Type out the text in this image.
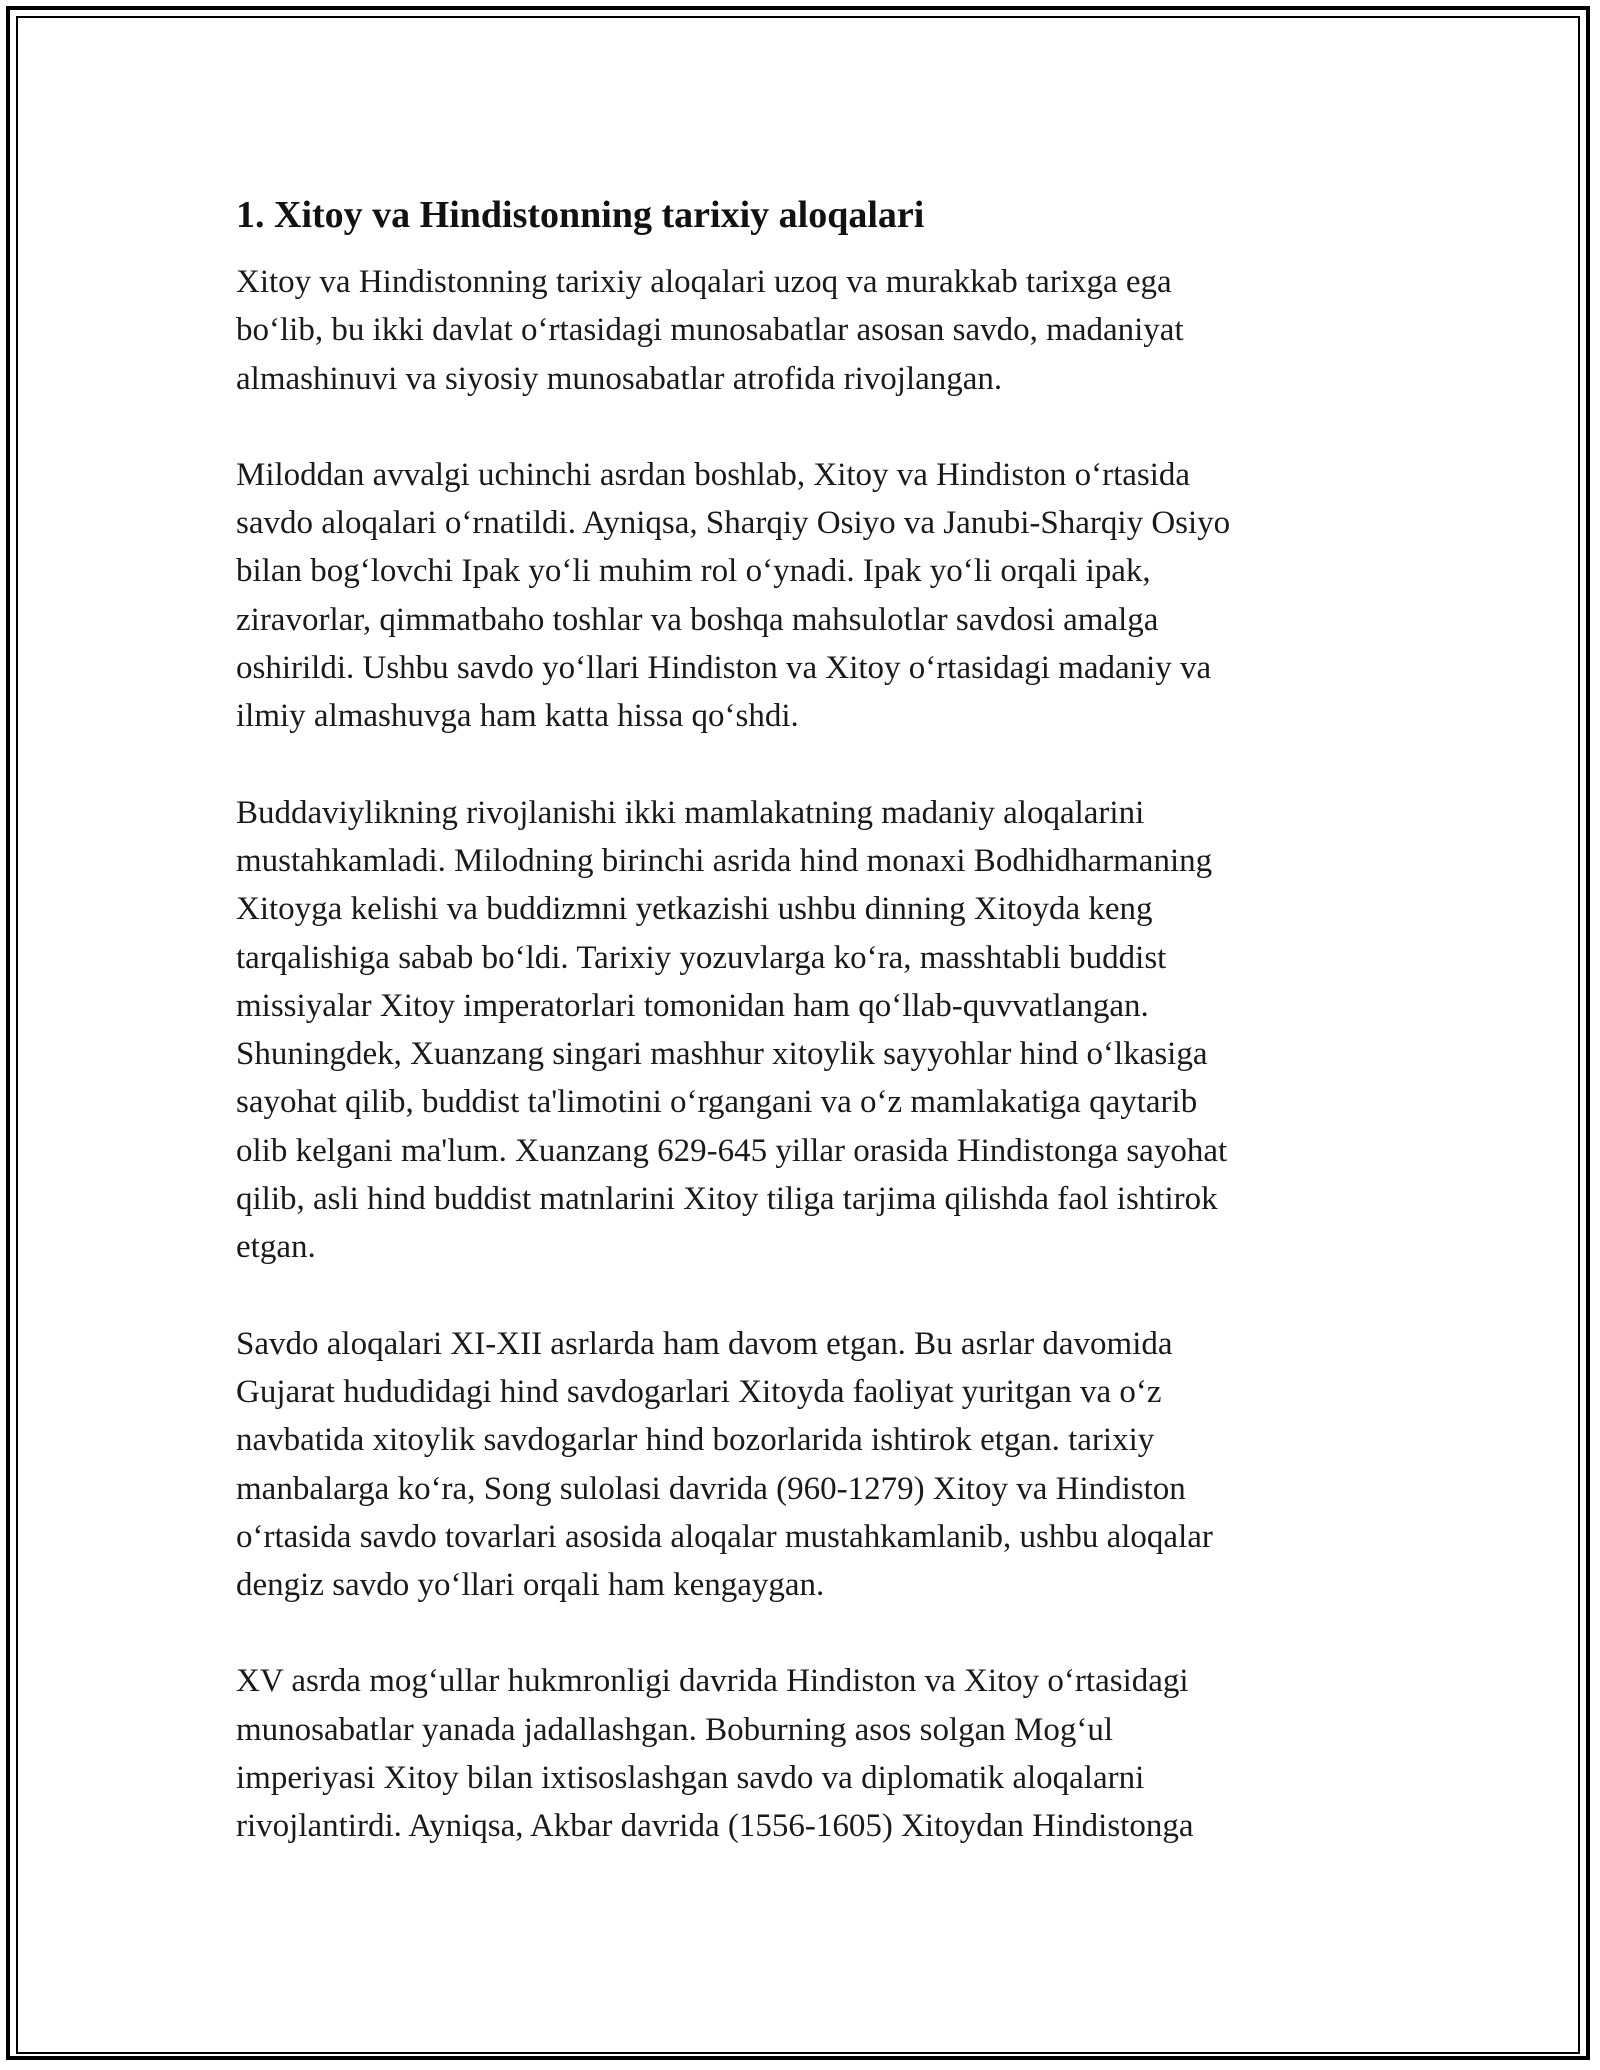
1. Xitoy va Hindistonning tarixiy aloqalari
Xitoy va Hindistonning tarixiy aloqalari uzoq va murakkab tarixga ega
bo‘lib, bu ikki davlat o‘rtasidagi munosabatlar asosan savdo, madaniyat
almashinuvi va siyosiy munosabatlar atrofida rivojlangan.
Miloddan avvalgi uchinchi asrdan boshlab, Xitoy va Hindiston o‘rtasida
savdo aloqalari o‘rnatildi. Ayniqsa, Sharqiy Osiyo va Janubi-Sharqiy Osiyo
bilan bog‘lovchi Ipak yo‘li muhim rol o‘ynadi. Ipak yo‘li orqali ipak,
ziravorlar, qimmatbaho toshlar va boshqa mahsulotlar savdosi amalga
oshirildi. Ushbu savdo yo‘llari Hindiston va Xitoy o‘rtasidagi madaniy va
ilmiy almashuvga ham katta hissa qo‘shdi.
Buddaviylikning rivojlanishi ikki mamlakatning madaniy aloqalarini
mustahkamladi. Milodning birinchi asrida hind monaxi Bodhidharmaning
Xitoyga kelishi va buddizmni yetkazishi ushbu dinning Xitoyda keng
tarqalishiga sabab bo‘ldi. Tarixiy yozuvlarga ko‘ra, masshtabli buddist
missiyalar Xitoy imperatorlari tomonidan ham qo‘llab-quvvatlangan.
Shuningdek, Xuanzang singari mashhur xitoylik sayyohlar hind o‘lkasiga
sayohat qilib, buddist ta'limotini o‘rgangani va o‘z mamlakatiga qaytarib
olib kelgani ma'lum. Xuanzang 629-645 yillar orasida Hindistonga sayohat
qilib, asli hind buddist matnlarini Xitoy tiliga tarjima qilishda faol ishtirok
etgan.
Savdo aloqalari XI-XII asrlarda ham davom etgan. Bu asrlar davomida
Gujarat hududidagi hind savdogarlari Xitoyda faoliyat yuritgan va o‘z
navbatida xitoylik savdogarlar hind bozorlarida ishtirok etgan. tarixiy
manbalarga ko‘ra, Song sulolasi davrida (960-1279) Xitoy va Hindiston
o‘rtasida savdo tovarlari asosida aloqalar mustahkamlanib, ushbu aloqalar
dengiz savdo yo‘llari orqali ham kengaygan.
XV asrda mog‘ullar hukmronligi davrida Hindiston va Xitoy o‘rtasidagi
munosabatlar yanada jadallashgan. Boburning asos solgan Mog‘ul
imperiyasi Xitoy bilan ixtisoslashgan savdo va diplomatik aloqalarni
rivojlantirdi. Ayniqsa, Akbar davrida (1556-1605) Xitoydan Hindistonga
